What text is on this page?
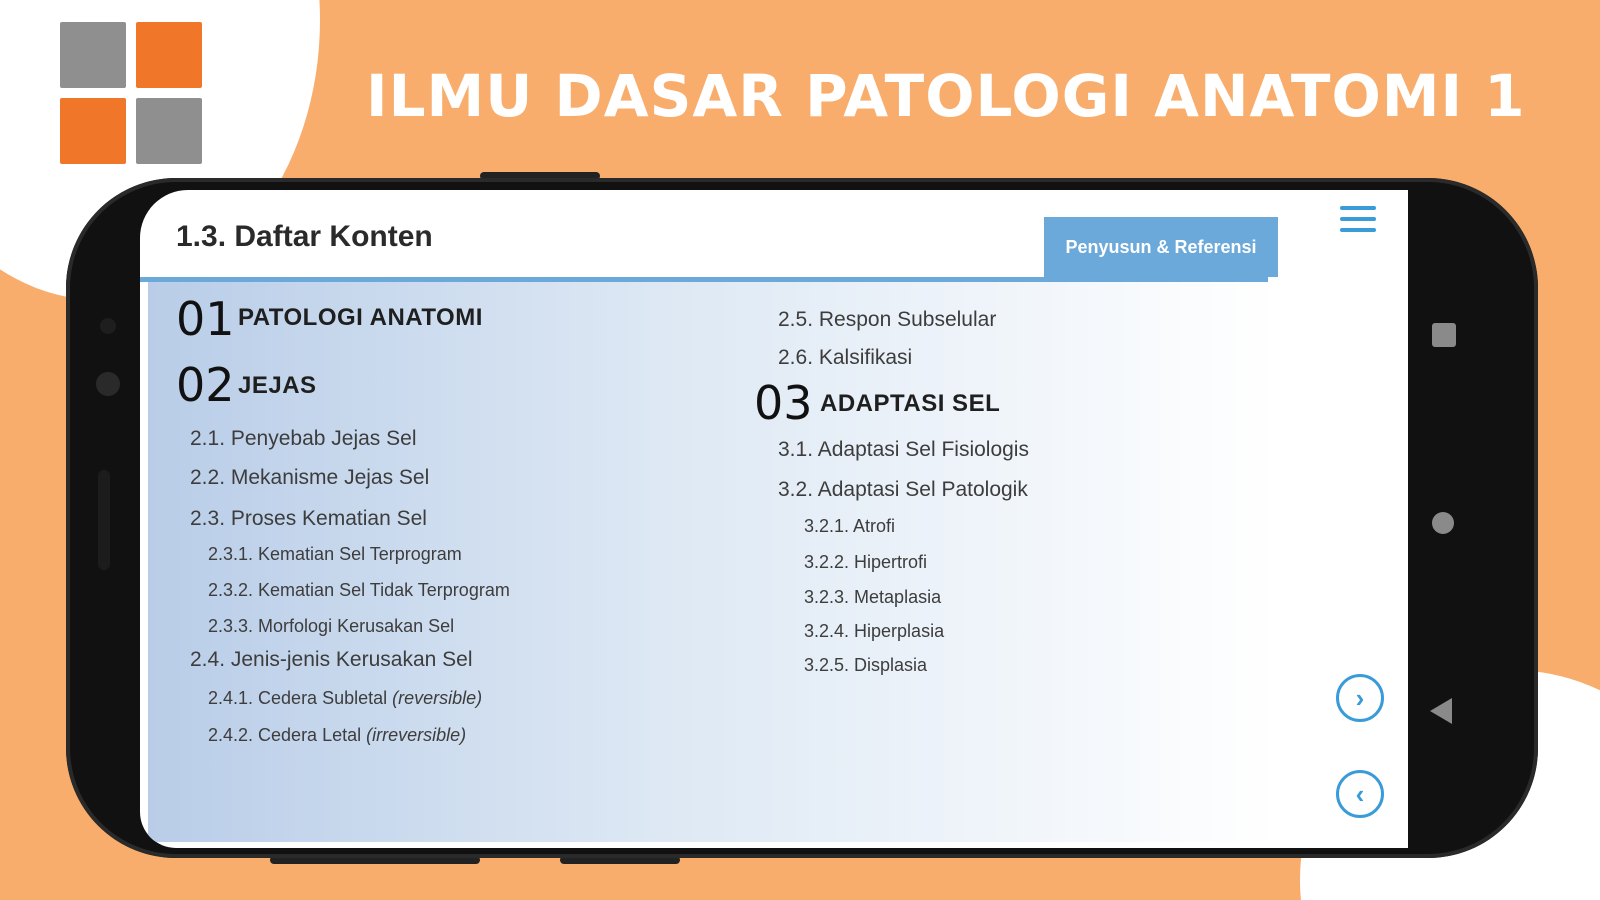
ILMU DASAR PATOLOGI ANATOMI 1
1.3. Daftar Konten	Penyusun & Referensi
01 PATOLOGI ANATOMI
02 JEJAS
2.1. Penyebab Jejas Sel
2.2. Mekanisme Jejas Sel
2.3. Proses Kematian Sel
2.3.1. Kematian Sel Terprogram
2.3.2. Kematian Sel Tidak Terprogram
2.3.3. Morfologi Kerusakan Sel
2.4. Jenis-jenis Kerusakan Sel
2.4.1. Cedera Subletal (reversible)
2.4.2. Cedera Letal (irreversible)
2.5. Respon Subselular
2.6. Kalsifikasi
03 ADAPTASI SEL
3.1. Adaptasi Sel Fisiologis
3.2. Adaptasi Sel Patologik
3.2.1. Atrofi
3.2.2. Hipertrofi
3.2.3. Metaplasia
3.2.4. Hiperplasia
3.2.5. Displasia
›
‹
